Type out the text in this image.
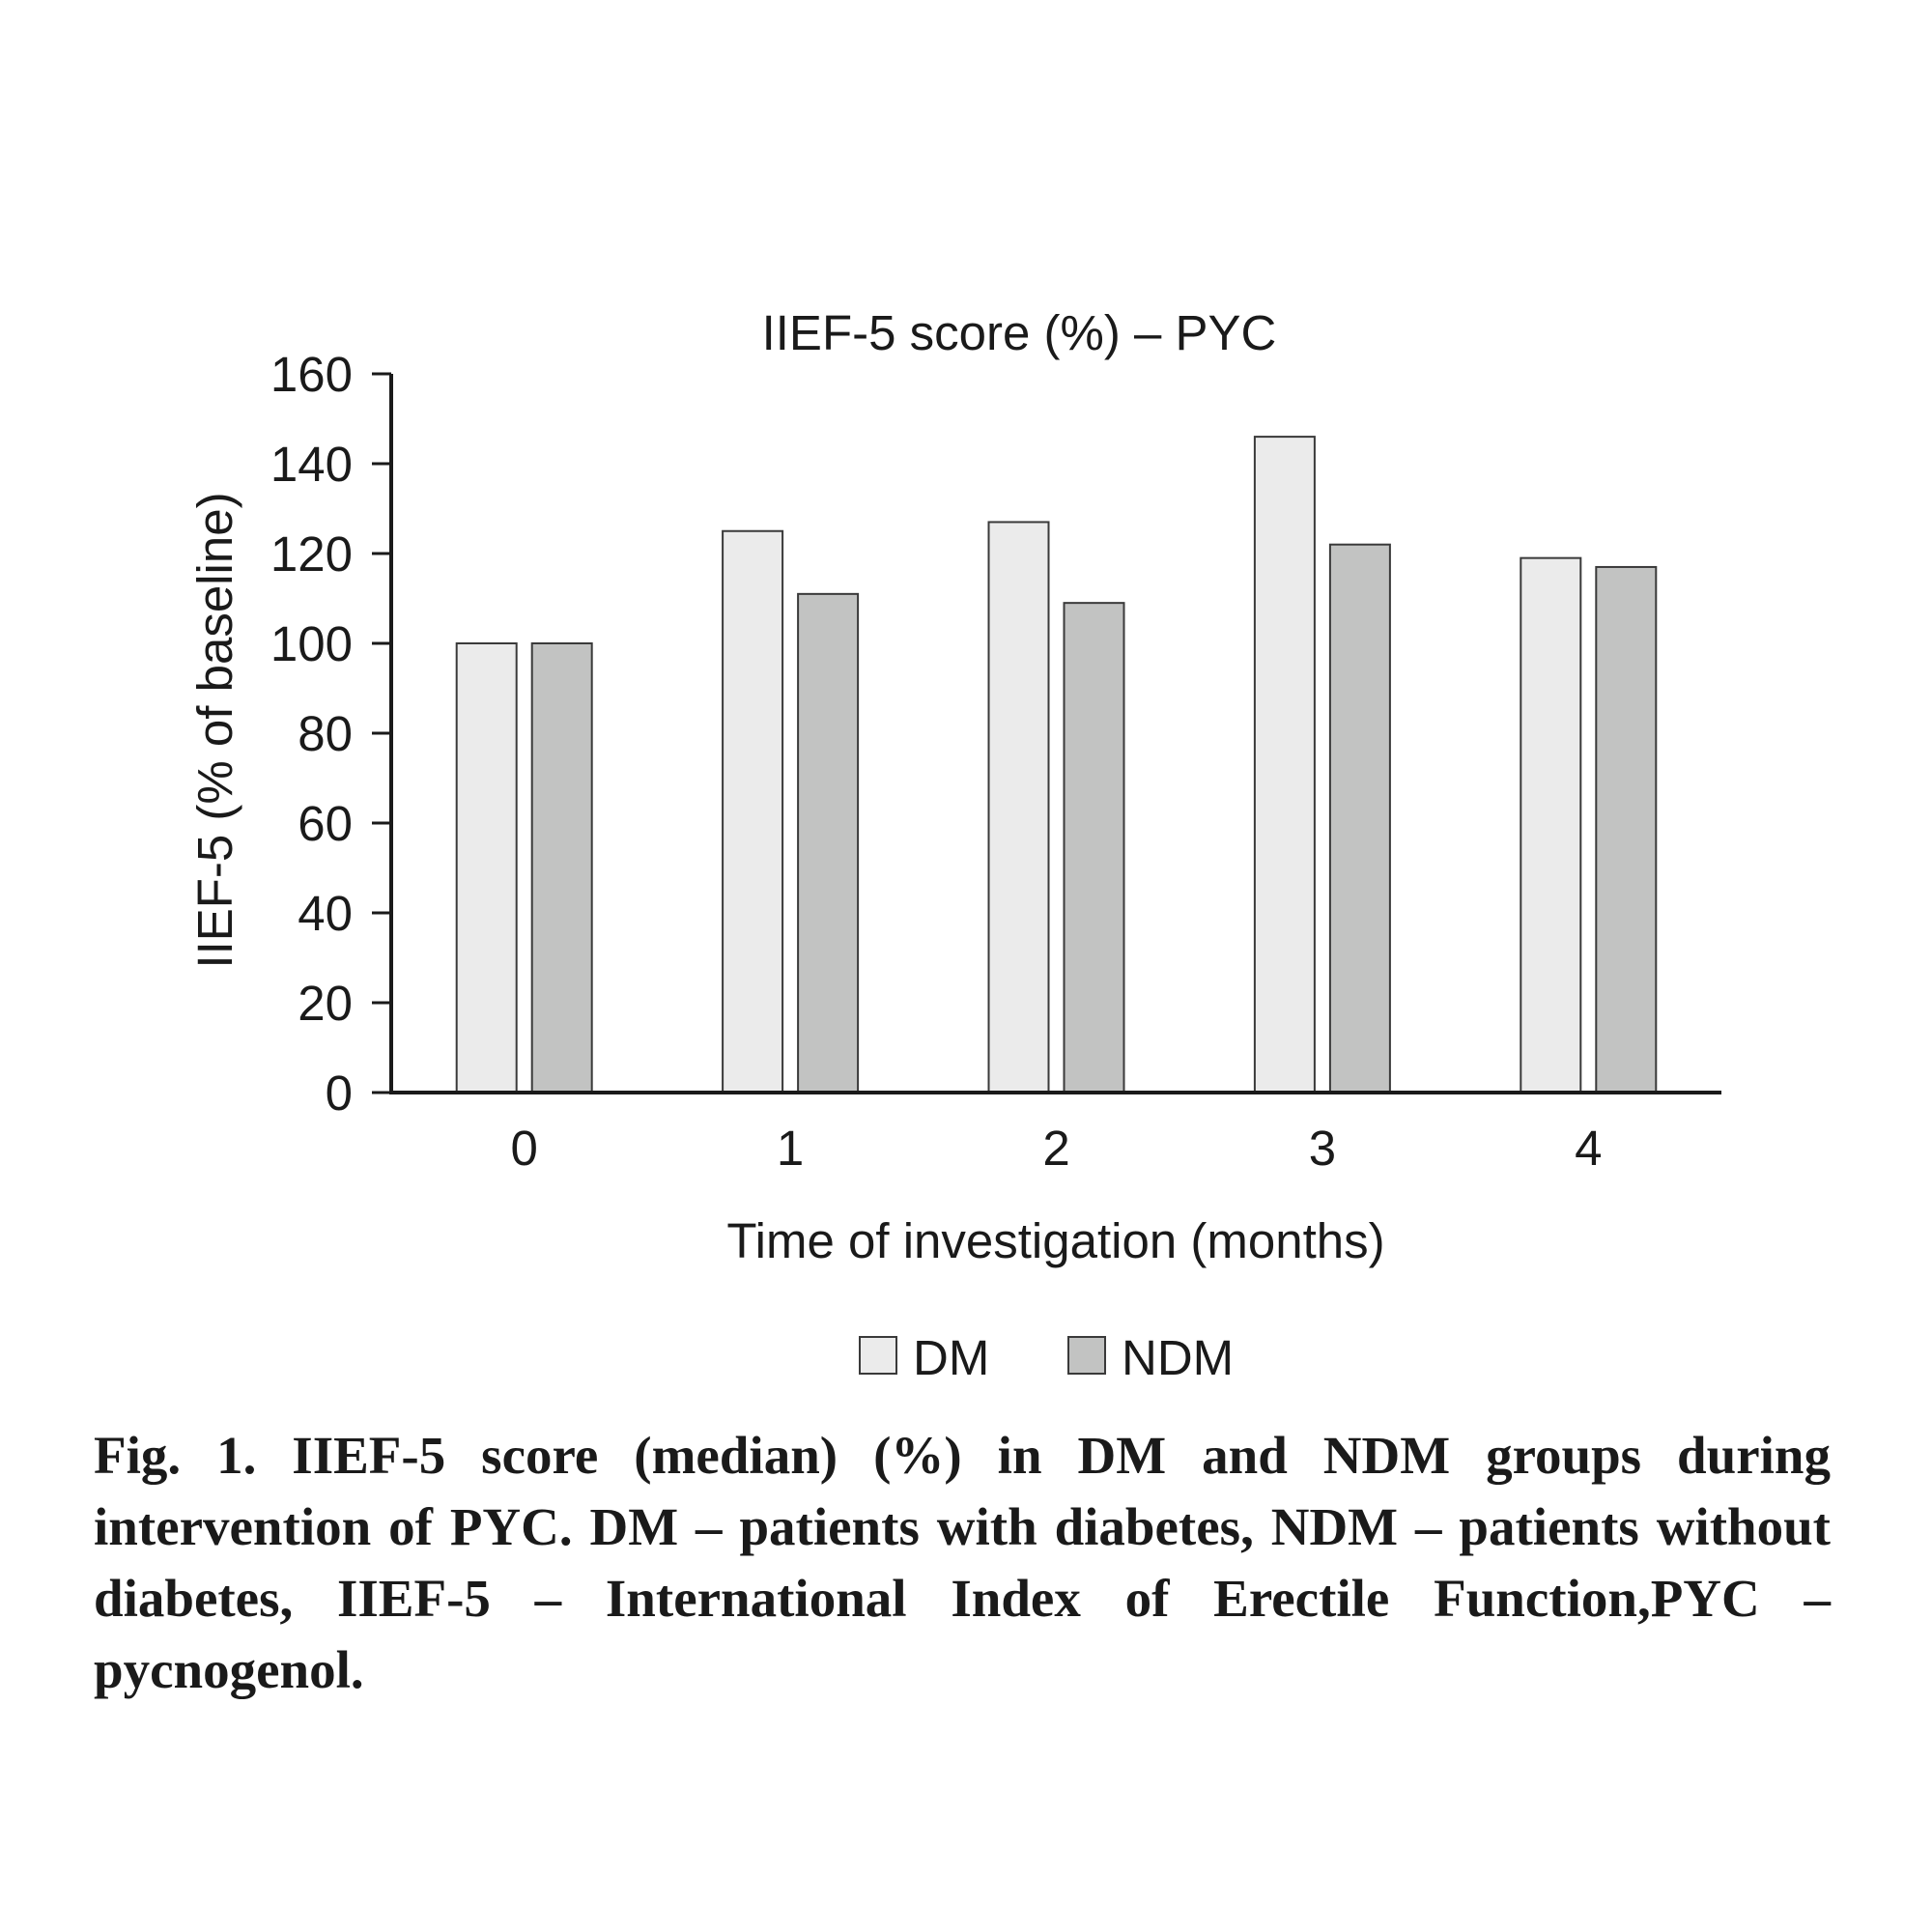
IIEF-5 score (%) – PYC
IIEF-5 (% of baseline)
Time of investigation (months)
0
20
40
60
80
100
120
140
160
0	1	2	3	4
DM	NDM

Fig. 1. IIEF-5 score (median) (%) in DM and NDM groups during intervention of PYC. DM – patients with diabetes, NDM – patients without diabetes, IIEF-5 – International Index of Erectile Function,PYC –pycnogenol.
